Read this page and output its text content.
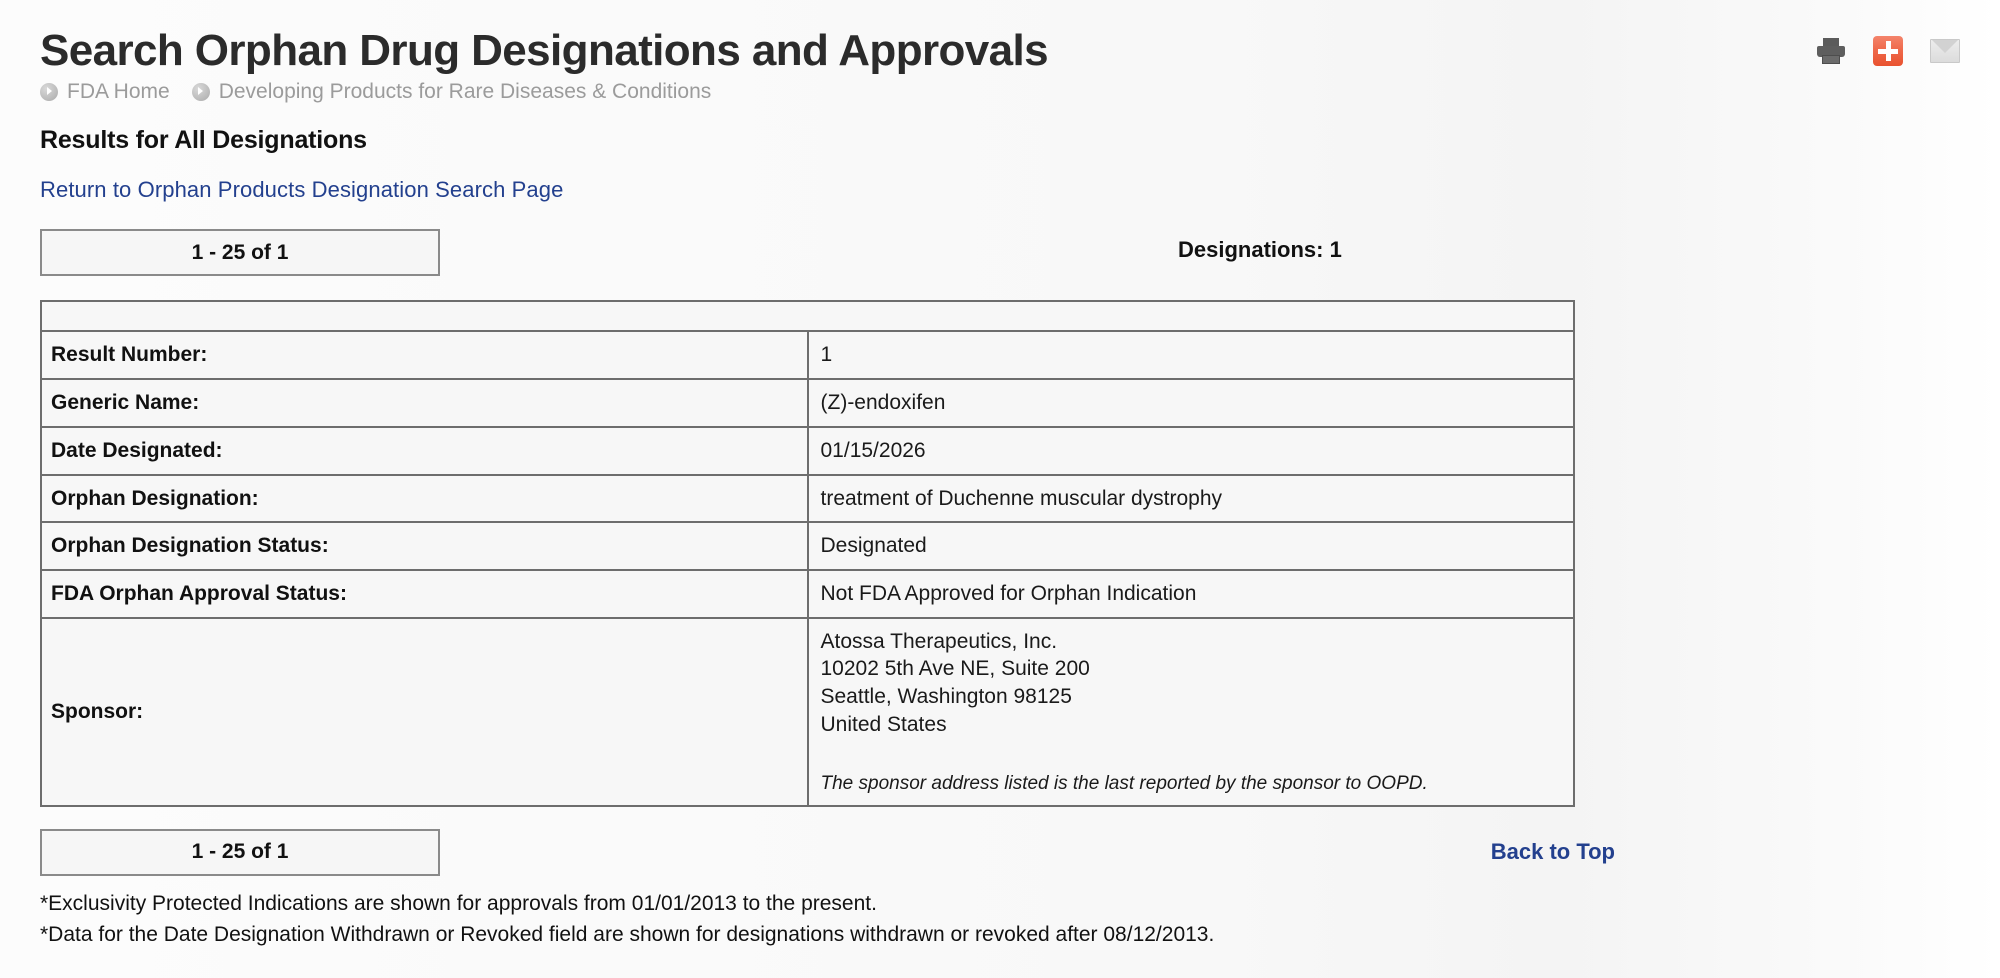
Search Orphan Drug Designations and Approvals
FDA Home Developing Products for Rare Diseases & Conditions
Results for All Designations
Return to Orphan Products Designation Search Page
1 - 25 of 1	Designations: 1

Result Number:	1
Generic Name:	(Z)-endoxifen
Date Designated:	01/15/2026
Orphan Designation:	treatment of Duchenne muscular dystrophy
Orphan Designation Status:	Designated
FDA Orphan Approval Status:	Not FDA Approved for Orphan Indication
Sponsor:	Atossa Therapeutics, Inc.
10202 5th Ave NE, Suite 200
Seattle, Washington 98125
United States
The sponsor address listed is the last reported by the sponsor to OOPD.
1 - 25 of 1	Back to Top
*Exclusivity Protected Indications are shown for approvals from 01/01/2013 to the present.
*Data for the Date Designation Withdrawn or Revoked field are shown for designations withdrawn or revoked after 08/12/2013.
